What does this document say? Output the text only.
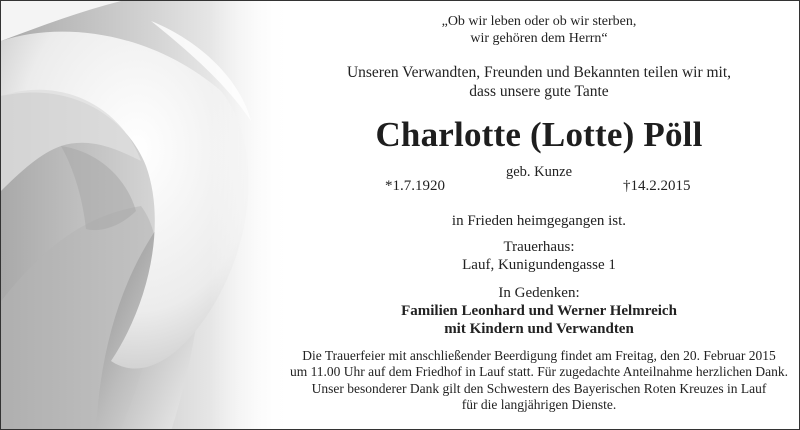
„Ob wir leben oder ob wir sterben,
wir gehören dem Herrn“
Unseren Verwandten, Freunden und Bekannten teilen wir mit,
dass unsere gute Tante
Charlotte (Lotte) Pöll
geb. Kunze
*1.7.1920	†14.2.2015
in Frieden heimgegangen ist.
Trauerhaus:
Lauf, Kunigundengasse 1
In Gedenken:
Familien Leonhard und Werner Helmreich
mit Kindern und Verwandten
Die Trauerfeier mit anschließender Beerdigung findet am Freitag, den 20. Februar 2015
um 11.00 Uhr auf dem Friedhof in Lauf statt. Für zugedachte Anteilnahme herzlichen Dank.
Unser besonderer Dank gilt den Schwestern des Bayerischen Roten Kreuzes in Lauf
für die langjährigen Dienste.
